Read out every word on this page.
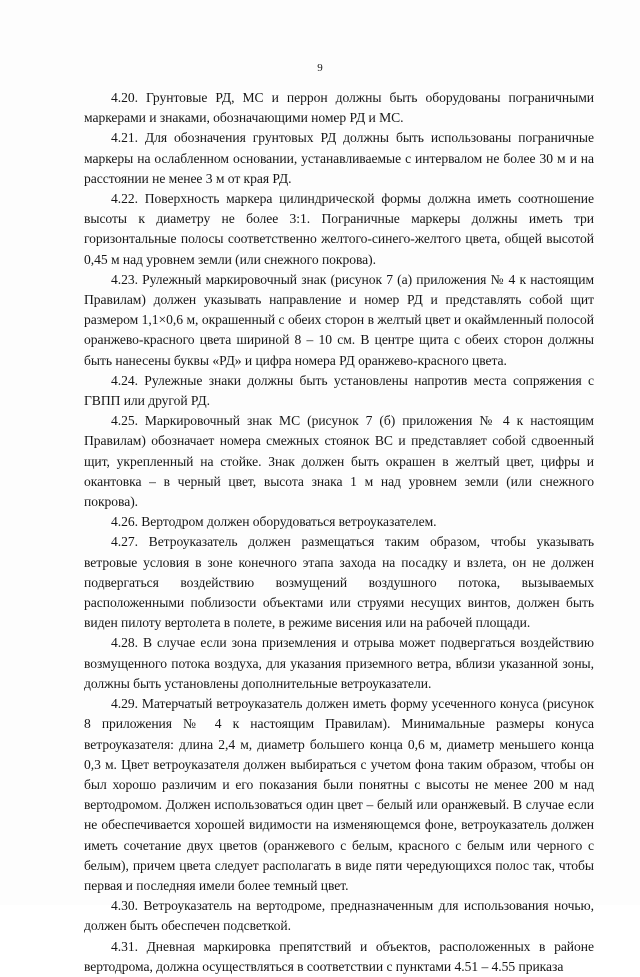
9

4.20. Грунтовые РД, МС и перрон должны быть оборудованы пограничными маркерами и знаками, обозначающими номер РД и МС.

4.21. Для обозначения грунтовых РД должны быть использованы пограничные маркеры на ослабленном основании, устанавливаемые с интервалом не более 30 м и на расстоянии не менее 3 м от края РД.

4.22. Поверхность маркера цилиндрической формы должна иметь соотношение высоты к диаметру не более 3:1. Пограничные маркеры должны иметь три горизонтальные полосы соответственно желтого-синего-желтого цвета, общей высотой 0,45 м над уровнем земли (или снежного покрова).

4.23. Рулежный маркировочный знак (рисунок 7 (а) приложения № 4 к настоящим Правилам) должен указывать направление и номер РД и представлять собой щит размером 1,1×0,6 м, окрашенный с обеих сторон в желтый цвет и окаймленный полосой оранжево-красного цвета шириной 8 – 10 см. В центре щита с обеих сторон должны быть нанесены буквы «РД» и цифра номера РД оранжево-красного цвета.

4.24. Рулежные знаки должны быть установлены напротив места сопряжения с ГВПП или другой РД.

4.25. Маркировочный знак МС (рисунок 7 (б) приложения № 4 к настоящим Правилам) обозначает номера смежных стоянок ВС и представляет собой сдвоенный щит, укрепленный на стойке. Знак должен быть окрашен в желтый цвет, цифры и окантовка – в черный цвет, высота знака 1 м над уровнем земли (или снежного покрова).

4.26. Вертодром должен оборудоваться ветроуказателем.

4.27. Ветроуказатель должен размещаться таким образом, чтобы указывать ветровые условия в зоне конечного этапа захода на посадку и взлета, он не должен подвергаться воздействию возмущений воздушного потока, вызываемых расположенными поблизости объектами или струями несущих винтов, должен быть виден пилоту вертолета в полете, в режиме висения или на рабочей площади.

4.28. В случае если зона приземления и отрыва может подвергаться воздействию возмущенного потока воздуха, для указания приземного ветра, вблизи указанной зоны, должны быть установлены дополнительные ветроуказатели.

4.29. Матерчатый ветроуказатель должен иметь форму усеченного конуса (рисунок 8 приложения № 4 к настоящим Правилам). Минимальные размеры конуса ветроуказателя: длина 2,4 м, диаметр большего конца 0,6 м, диаметр меньшего конца 0,3 м. Цвет ветроуказателя должен выбираться с учетом фона таким образом, чтобы он был хорошо различим и его показания были понятны с высоты не менее 200 м над вертодромом. Должен использоваться один цвет – белый или оранжевый. В случае если не обеспечивается хорошей видимости на изменяющемся фоне, ветроуказатель должен иметь сочетание двух цветов (оранжевого с белым, красного с белым или черного с белым), причем цвета следует располагать в виде пяти чередующихся полос так, чтобы первая и последняя имели более темный цвет.

4.30. Ветроуказатель на вертодроме, предназначенным для использования ночью, должен быть обеспечен подсветкой.

4.31. Дневная маркировка препятствий и объектов, расположенных в районе вертодрома, должна осуществляться в соответствии с пунктами 4.51 – 4.55 приказа
